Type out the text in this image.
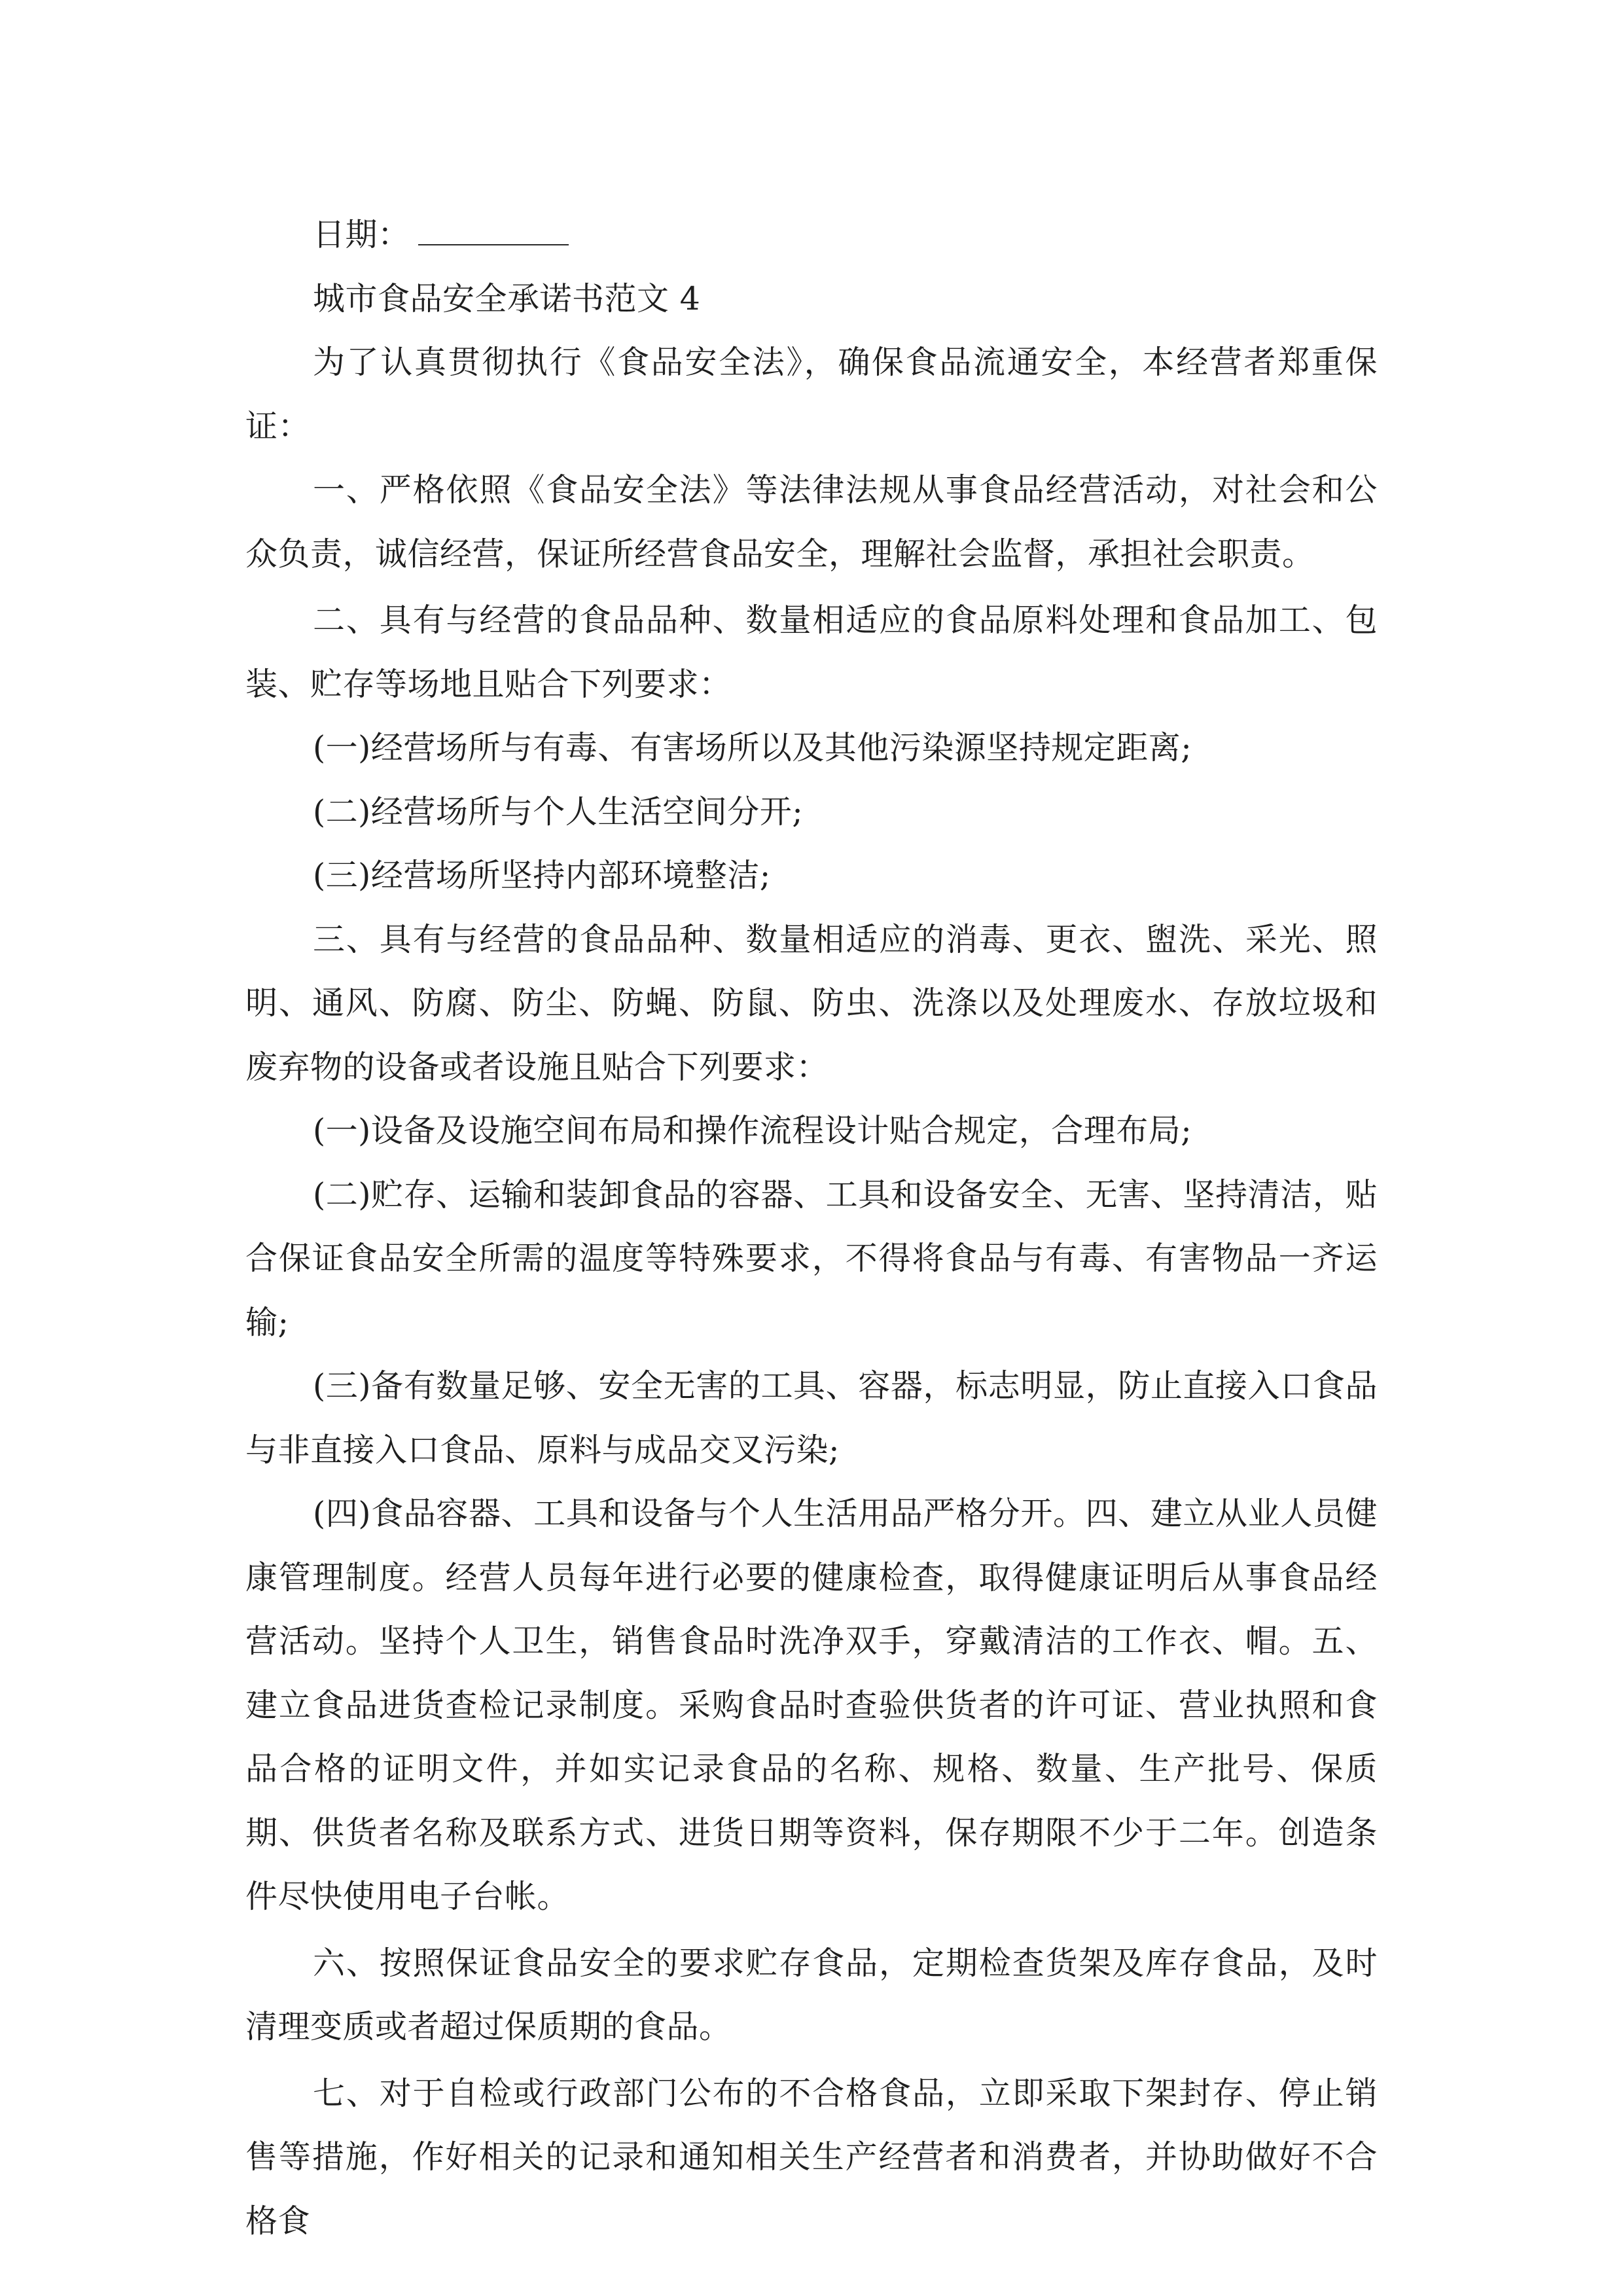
日期：

城市食品安全承诺书范文 4

为了认真贯彻执行《食品安全法》，确保食品流通安全，本经营者郑重保证：

一、严格依照《食品安全法》等法律法规从事食品经营活动，对社会和公众负责，诚信经营，保证所经营食品安全，理解社会监督，承担社会职责。

二、具有与经营的食品品种、数量相适应的食品原料处理和食品加工、包装、贮存等场地且贴合下列要求：

(一)经营场所与有毒、有害场所以及其他污染源坚持规定距离;

(二)经营场所与个人生活空间分开;

(三)经营场所坚持内部环境整洁;

三、具有与经营的食品品种、数量相适应的消毒、更衣、盥洗、采光、照明、通风、防腐、防尘、防蝇、防鼠、防虫、洗涤以及处理废水、存放垃圾和废弃物的设备或者设施且贴合下列要求：

(一)设备及设施空间布局和操作流程设计贴合规定，合理布局;

(二)贮存、运输和装卸食品的容器、工具和设备安全、无害、坚持清洁，贴合保证食品安全所需的温度等特殊要求，不得将食品与有毒、有害物品一齐运输;

(三)备有数量足够、安全无害的工具、容器，标志明显，防止直接入口食品与非直接入口食品、原料与成品交叉污染;

(四)食品容器、工具和设备与个人生活用品严格分开。四、建立从业人员健康管理制度。经营人员每年进行必要的健康检查，取得健康证明后从事食品经营活动。坚持个人卫生，销售食品时洗净双手，穿戴清洁的工作衣、帽。五、建立食品进货查检记录制度。采购食品时查验供货者的许可证、营业执照和食品合格的证明文件，并如实记录食品的名称、规格、数量、生产批号、保质期、供货者名称及联系方式、进货日期等资料，保存期限不少于二年。创造条件尽快使用电子台帐。

六、按照保证食品安全的要求贮存食品，定期检查货架及库存食品，及时清理变质或者超过保质期的食品。

七、对于自检或行政部门公布的不合格食品，立即采取下架封存、停止销售等措施，作好相关的记录和通知相关生产经营者和消费者，并协助做好不合格食
